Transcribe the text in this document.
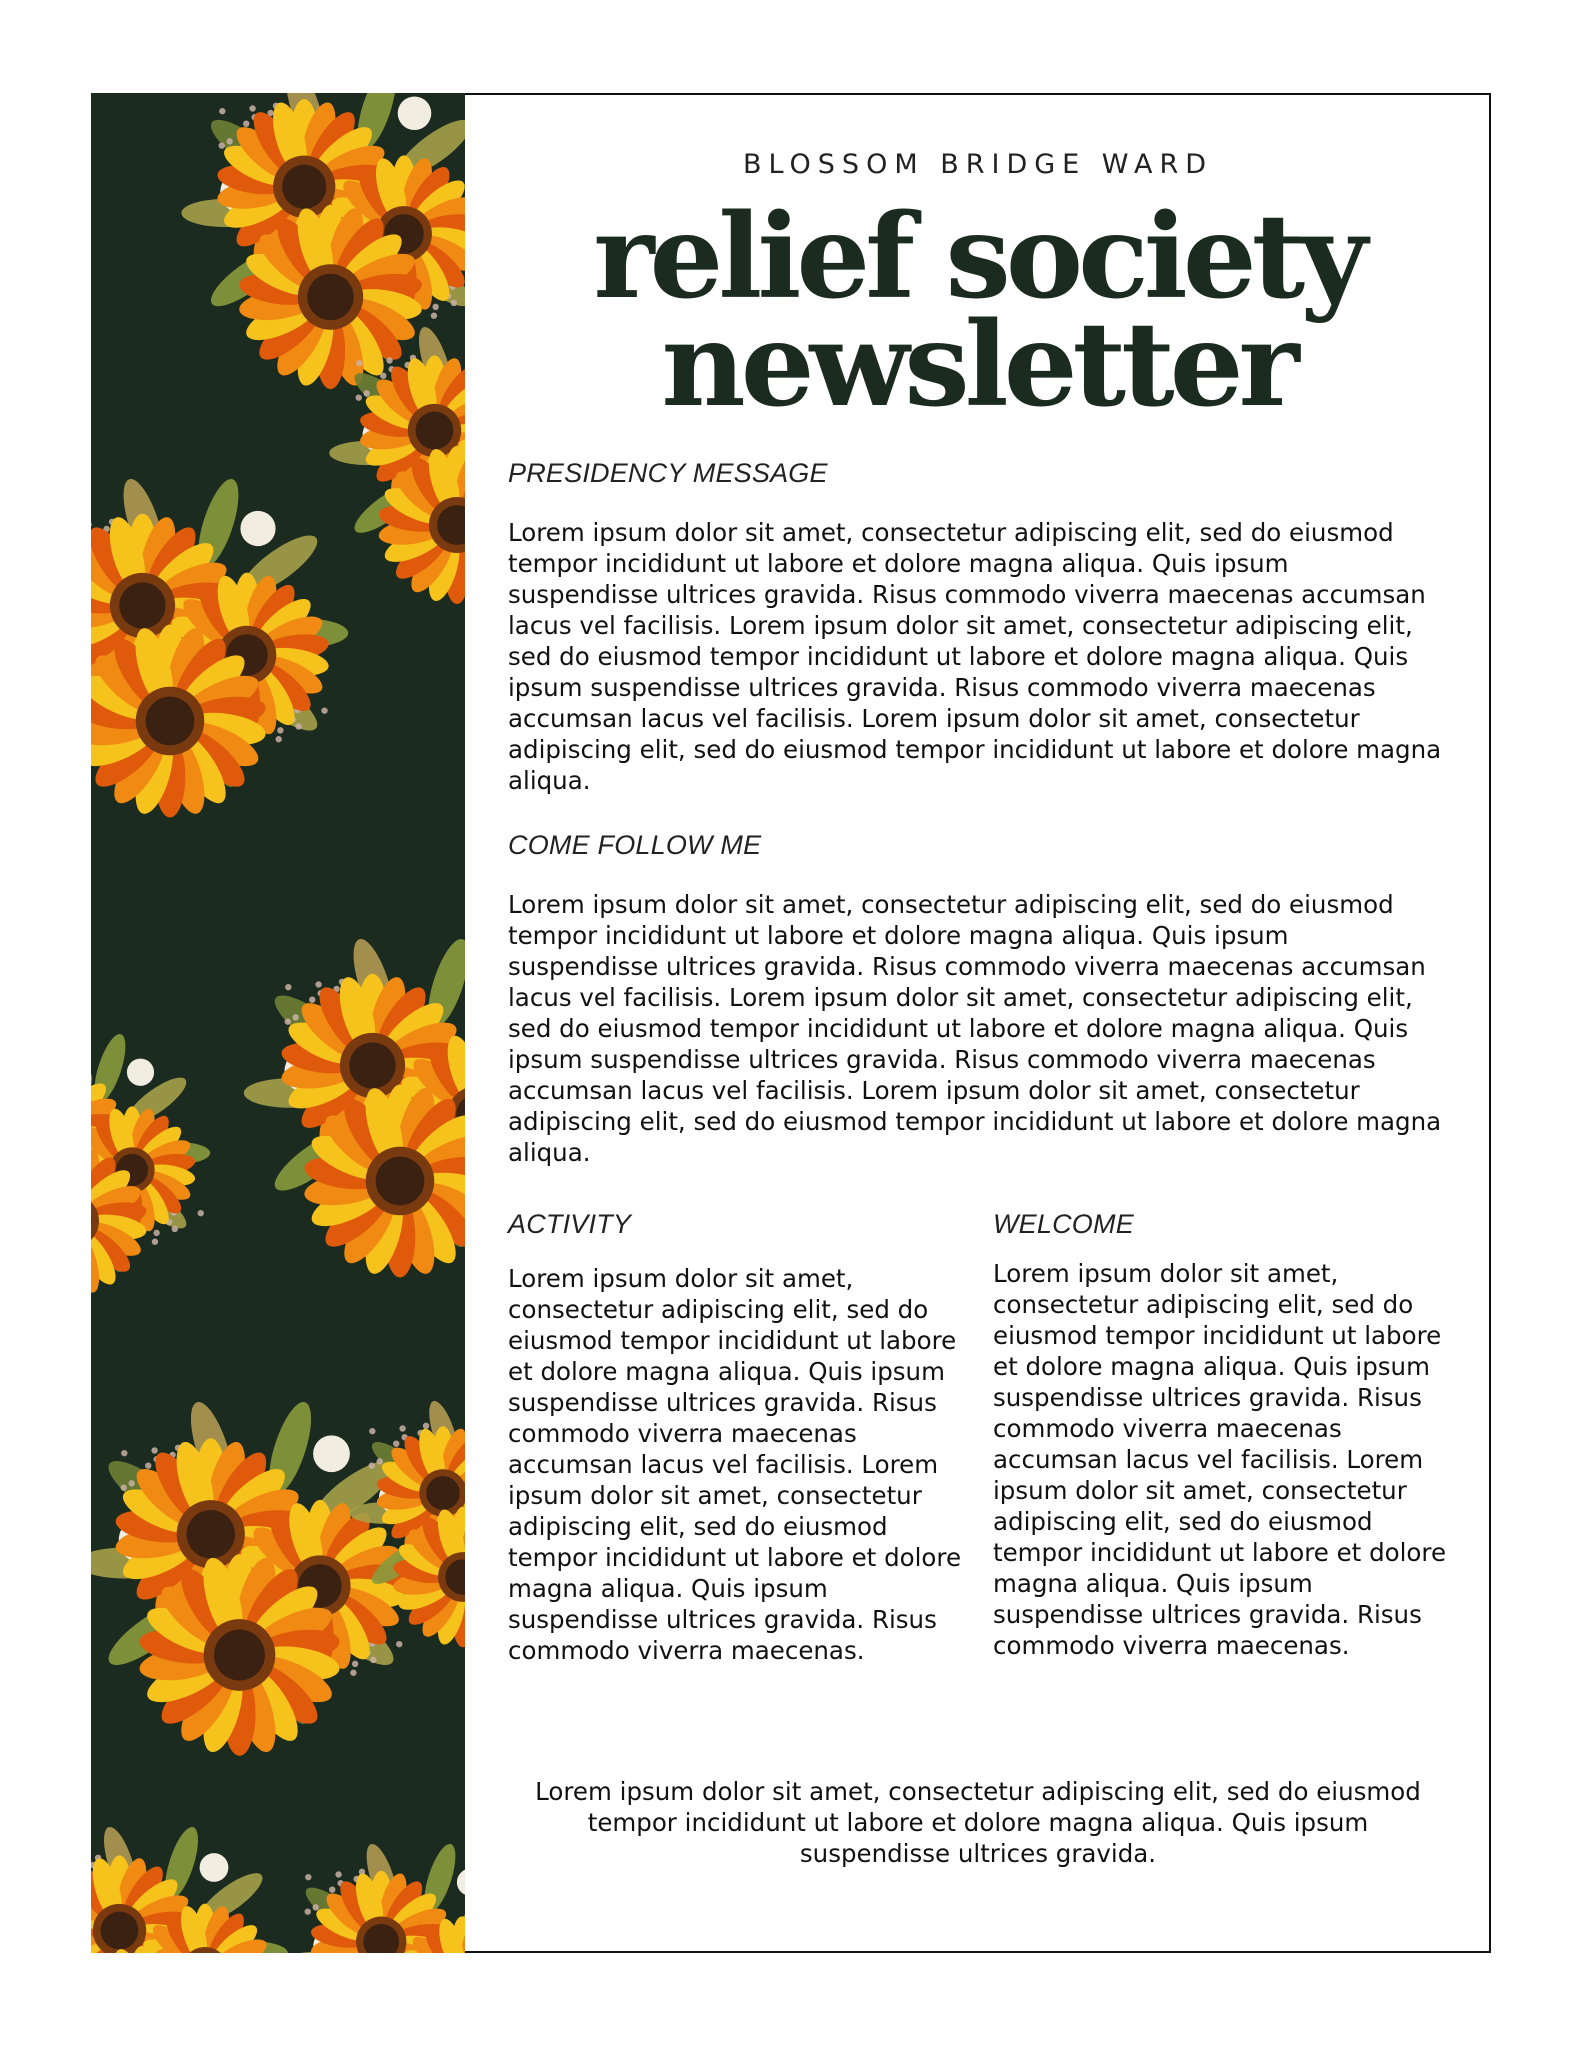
BLOSSOM BRIDGE WARD
relief society
newsletter
PRESIDENCY MESSAGE

Lorem ipsum dolor sit amet, consectetur adipiscing elit, sed do eiusmod tempor incididunt ut labore et dolore magna aliqua. Quis ipsum suspendisse ultrices gravida. Risus commodo viverra maecenas accumsan lacus vel facilisis. Lorem ipsum dolor sit amet, consectetur adipiscing elit, sed do eiusmod tempor incididunt ut labore et dolore magna aliqua. Quis ipsum suspendisse ultrices gravida. Risus commodo viverra maecenas accumsan lacus vel facilisis. Lorem ipsum dolor sit amet, consectetur adipiscing elit, sed do eiusmod tempor incididunt ut labore et dolore magna aliqua.

COME FOLLOW ME

Lorem ipsum dolor sit amet, consectetur adipiscing elit, sed do eiusmod tempor incididunt ut labore et dolore magna aliqua. Quis ipsum suspendisse ultrices gravida. Risus commodo viverra maecenas accumsan lacus vel facilisis. Lorem ipsum dolor sit amet, consectetur adipiscing elit, sed do eiusmod tempor incididunt ut labore et dolore magna aliqua. Quis ipsum suspendisse ultrices gravida. Risus commodo viverra maecenas accumsan lacus vel facilisis. Lorem ipsum dolor sit amet, consectetur adipiscing elit, sed do eiusmod tempor incididunt ut labore et dolore magna aliqua.

ACTIVITY

Lorem ipsum dolor sit amet, consectetur adipiscing elit, sed do eiusmod tempor incididunt ut labore et dolore magna aliqua. Quis ipsum suspendisse ultrices gravida. Risus commodo viverra maecenas accumsan lacus vel facilisis. Lorem ipsum dolor sit amet, consectetur adipiscing elit, sed do eiusmod tempor incididunt ut labore et dolore magna aliqua. Quis ipsum suspendisse ultrices gravida. Risus commodo viverra maecenas.

WELCOME

Lorem ipsum dolor sit amet, consectetur adipiscing elit, sed do eiusmod tempor incididunt ut labore et dolore magna aliqua. Quis ipsum suspendisse ultrices gravida. Risus commodo viverra maecenas accumsan lacus vel facilisis. Lorem ipsum dolor sit amet, consectetur adipiscing elit, sed do eiusmod tempor incididunt ut labore et dolore magna aliqua. Quis ipsum suspendisse ultrices gravida. Risus commodo viverra maecenas.

Lorem ipsum dolor sit amet, consectetur adipiscing elit, sed do eiusmod tempor incididunt ut labore et dolore magna aliqua. Quis ipsum suspendisse ultrices gravida.
